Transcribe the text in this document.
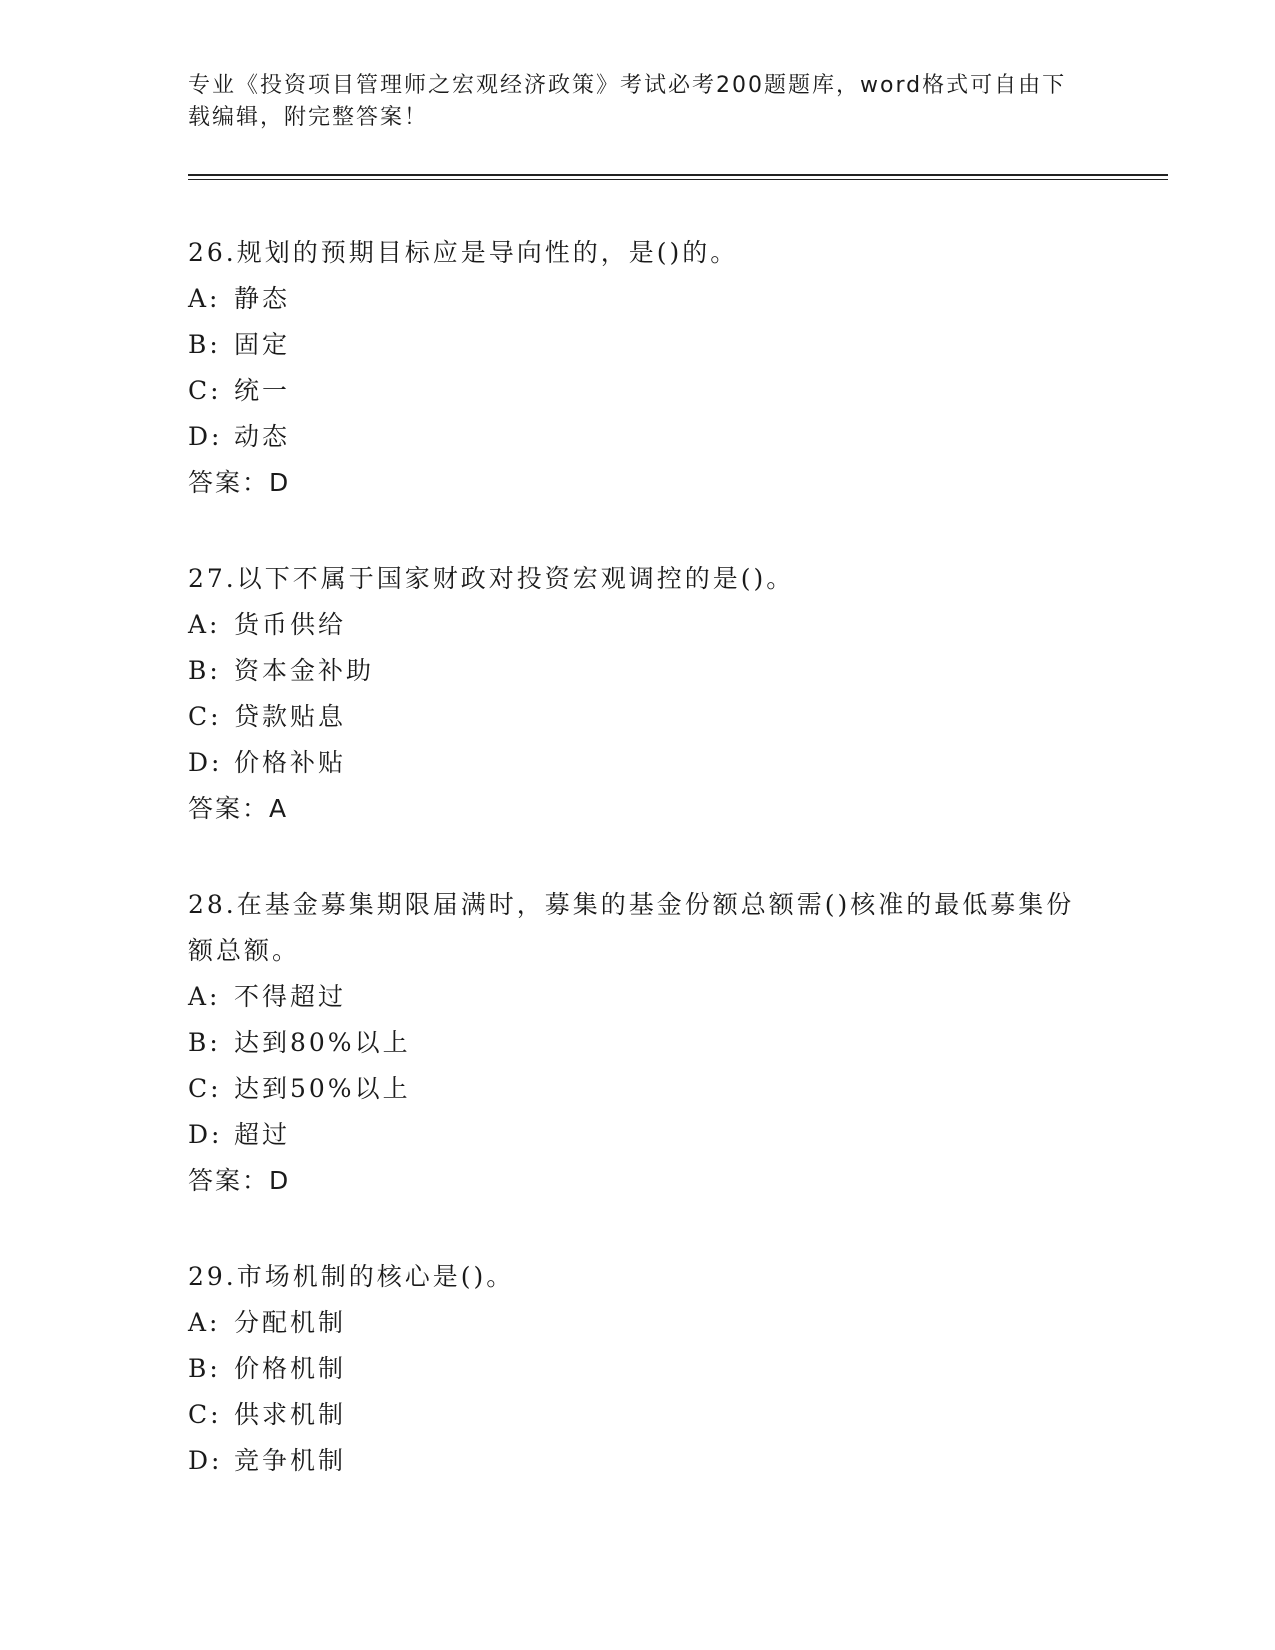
专业《投资项目管理师之宏观经济政策》考试必考200题题库，word格式可自由下载编辑，附完整答案！

26.规划的预期目标应是导向性的，是()的。

A: 静态

B: 固定

C: 统一

D: 动态

答案：D

27.以下不属于国家财政对投资宏观调控的是()。

A: 货币供给

B: 资本金补助

C: 贷款贴息

D: 价格补贴

答案：A

28.在基金募集期限届满时，募集的基金份额总额需()核准的最低募集份额总额。

A: 不得超过

B: 达到80%以上

C: 达到50%以上

D: 超过

答案：D

29.市场机制的核心是()。

A: 分配机制

B: 价格机制

C: 供求机制

D: 竞争机制
